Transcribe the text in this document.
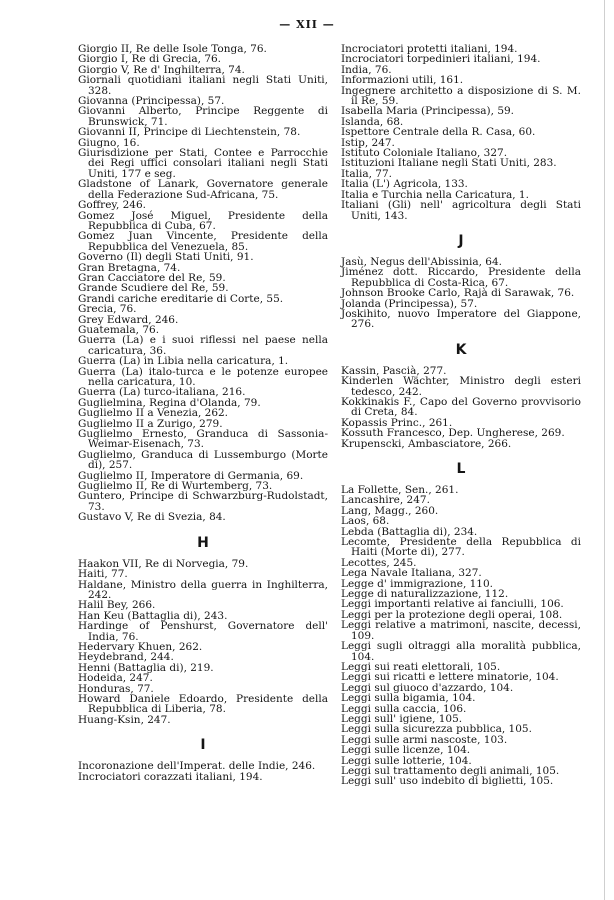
— XII —

Giorgio II, Re delle Isole Tonga, 76.

Giorgio I, Re di Grecia, 76.

Giorgio V, Re d' Inghilterra, 74.

Giornali quotidiani italiani negli Stati Uniti, 328.

Giovanna (Principessa), 57.

Giovanni Alberto, Principe Reggente di Brunswick, 71.

Giovanni II, Principe di Liechtenstein, 78.

Giugno, 16.

Giurisdizione per Stati, Contee e Parrocchie dei Regi uffici consolari italiani negli Stati Uniti, 177 e seg.

Gladstone of Lanark, Governatore generale della Federazione Sud-Africana, 75.

Goffrey, 246.

Gomez José Miguel, Presidente della Repubblica di Cuba, 67.

Gomez Juan Vincente, Presidente della Repubblica del Venezuela, 85.

Governo (Il) degli Stati Uniti, 91.

Gran Bretagna, 74.

Gran Cacciatore del Re, 59.

Grande Scudiere del Re, 59.

Grandi cariche ereditarie di Corte, 55.

Grecia, 76.

Grey Edward, 246.

Guatemala, 76.

Guerra (La) e i suoi riflessi nel paese nella caricatura, 36.

Guerra (La) in Libia nella caricatura, 1.

Guerra (La) italo-turca e le potenze europee nella caricatura, 10.

Guerra (La) turco-italiana, 216.

Guglielmina, Regina d'Olanda, 79.

Guglielmo II a Venezia, 262.

Guglielmo II a Zurigo, 279.

Guglielmo Ernesto, Granduca di Sassonia-Weimar-Eisenach, 73.

Guglielmo, Granduca di Lussemburgo (Morte di), 257.

Guglielmo II, Imperatore di Germania, 69.

Guglielmo II, Re di Wurtemberg, 73.

Guntero, Principe di Schwarzburg-Rudolstadt, 73.

Gustavo V, Re di Svezia, 84.

H

Haakon VII, Re di Norvegia, 79.

Haiti, 77.

Haldane, Ministro della guerra in Inghilterra, 242.

Halil Bey, 266.

Han Keu (Battaglia di), 243.

Hardinge of Penshurst, Governatore dell' India, 76.

Hedervary Khuen, 262.

Heydebrand, 244.

Henni (Battaglia di), 219.

Hodeida, 247.

Honduras, 77.

Howard Daniele Edoardo, Presidente della Repubblica di Liberia, 78.

Huang-Ksin, 247.

I

Incoronazione dell'Imperat. delle Indie, 246.

Incrociatori corazzati italiani, 194.

Incrociatori protetti italiani, 194.

Incrociatori torpedinieri italiani, 194.

India, 76.

Informazioni utili, 161.

Ingegnere architetto a disposizione di S. M. il Re, 59.

Isabella Maria (Principessa), 59.

Islanda, 68.

Ispettore Centrale della R. Casa, 60.

Istip, 247.

Istituto Coloniale Italiano, 327.

Istituzioni Italiane negli Stati Uniti, 283.

Italia, 77.

Italia (L') Agricola, 133.

Italia e Turchia nella Caricatura, 1.

Italiani (Gli) nell' agricoltura degli Stati Uniti, 143.

J

Jasù, Negus dell'Abissinia, 64.

Jiménez dott. Riccardo, Presidente della Repubblica di Costa-Rica, 67.

Johnson Brooke Carlo, Rajà di Sarawak, 76.

Jolanda (Principessa), 57.

Joskihito, nuovo Imperatore del Giappone, 276.

K

Kassin, Pascià, 277.

Kinderlen Wächter, Ministro degli esteri tedesco, 242.

Kokkinakis F., Capo del Governo provvisorio di Creta, 84.

Kopassis Princ., 261.

Kossuth Francesco, Dep. Ungherese, 269.

Krupenscki, Ambasciatore, 266.

L

La Follette, Sen., 261.

Lancashire, 247.

Lang, Magg., 260.

Laos, 68.

Lebda (Battaglia di), 234.

Lecomte, Presidente della Repubblica di Haiti (Morte di), 277.

Lecottes, 245.

Lega Navale Italiana, 327.

Legge d' immigrazione, 110.

Legge di naturalizzazione, 112.

Leggi importanti relative ai fanciulli, 106.

Leggi per la protezione degli operai, 108.

Leggi relative a matrimoni, nascite, decessi, 109.

Leggi sugli oltraggi alla moralità pubblica, 104.

Leggi sui reati elettorali, 105.

Leggi sui ricatti e lettere minatorie, 104.

Leggi sul giuoco d'azzardo, 104.

Leggi sulla bigamia, 104.

Leggi sulla caccia, 106.

Leggi sull' igiene, 105.

Leggi sulla sicurezza pubblica, 105.

Leggi sulle armi nascoste, 103.

Leggi sulle licenze, 104.

Leggi sulle lotterie, 104.

Leggi sul trattamento degli animali, 105.

Leggi sull' uso indebito di biglietti, 105.
